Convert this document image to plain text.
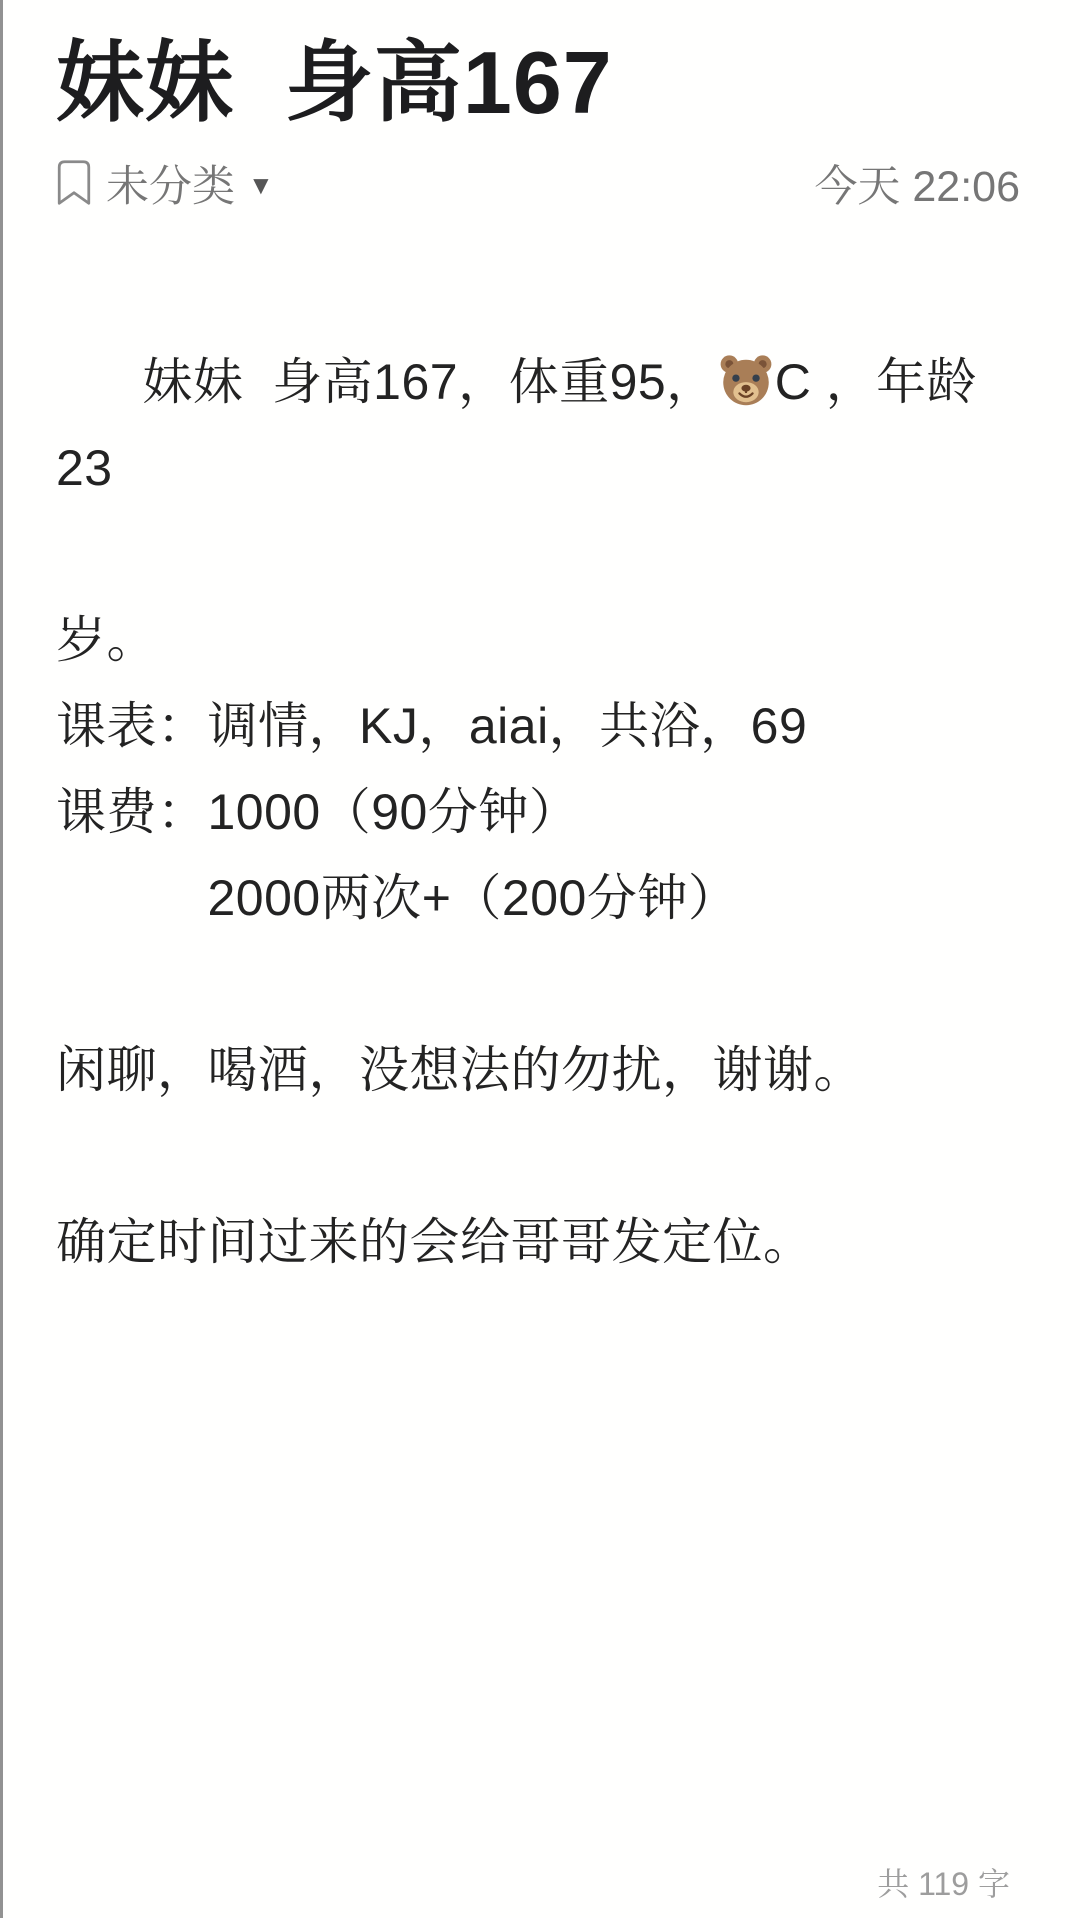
妹妹  身高167
未分类 ▼	今天 22:06

妹妹  身高167，体重95， C ，年龄23

岁。
课表：调情，KJ，aiai，共浴，69
课费：1000（90分钟）
　　　2000两次+（200分钟）
闲聊，喝酒，没想法的勿扰，谢谢。
确定时间过来的会给哥哥发定位。
共 119 字
